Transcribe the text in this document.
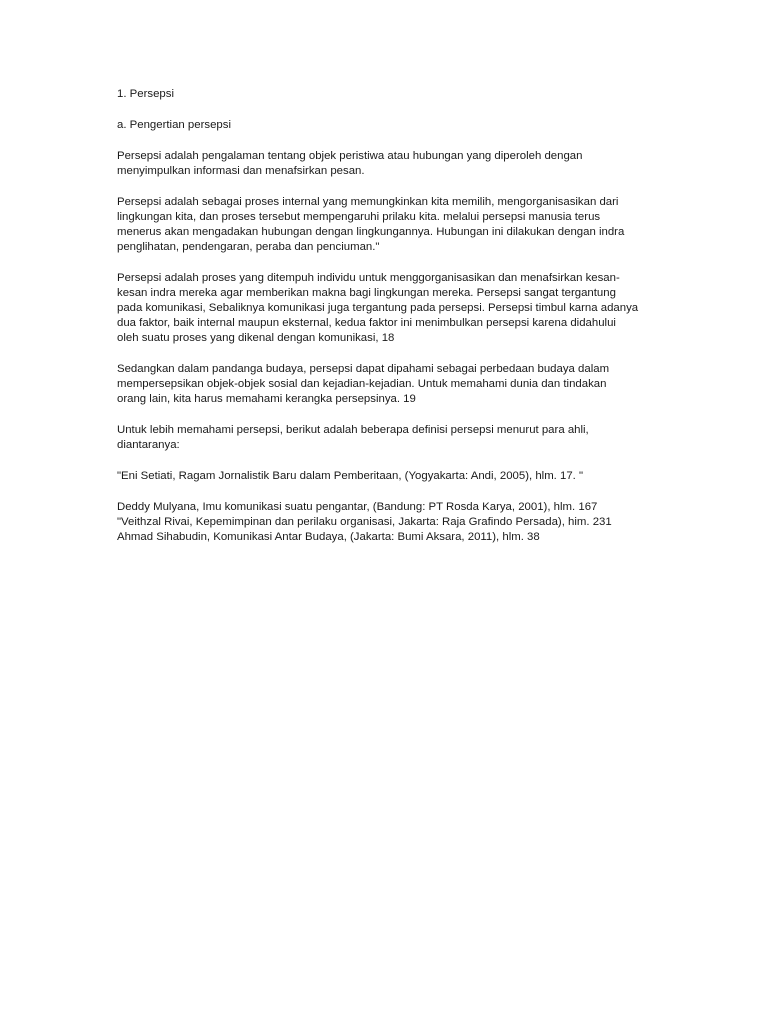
1. Persepsi

a. Pengertian persepsi

Persepsi adalah pengalaman tentang objek peristiwa atau hubungan yang diperoleh dengan
menyimpulkan informasi dan menafsirkan pesan.
Persepsi adalah sebagai proses internal yang memungkinkan kita memilih, mengorganisasikan dari
lingkungan kita, dan proses tersebut mempengaruhi prilaku kita. melalui persepsi manusia terus
menerus akan mengadakan hubungan dengan lingkungannya. Hubungan ini dilakukan dengan indra
penglihatan, pendengaran, peraba dan penciuman."
Persepsi adalah proses yang ditempuh individu untuk menggorganisasikan dan menafsirkan kesan-
kesan indra mereka agar memberikan makna bagi lingkungan mereka. Persepsi sangat tergantung
pada komunikasi, Sebaliknya komunikasi juga tergantung pada persepsi. Persepsi timbul karna adanya
dua faktor, baik internal maupun eksternal, kedua faktor ini menimbulkan persepsi karena didahului
oleh suatu proses yang dikenal dengan komunikasi, 18
Sedangkan dalam pandanga budaya, persepsi dapat dipahami sebagai perbedaan budaya dalam
mempersepsikan objek-objek sosial dan kejadian-kejadian. Untuk memahami dunia dan tindakan
orang lain, kita harus memahami kerangka persepsinya. 19
Untuk lebih memahami persepsi, berikut adalah beberapa definisi persepsi menurut para ahli,
diantaranya:

"Eni Setiati, Ragam Jornalistik Baru dalam Pemberitaan, (Yogyakarta: Andi, 2005), hlm. 17. "

Deddy Mulyana, Imu komunikasi suatu pengantar, (Bandung: PT Rosda Karya, 2001), hlm. 167
"Veithzal Rivai, Kepemimpinan dan perilaku organisasi, Jakarta: Raja Grafindo Persada), him. 231
Ahmad Sihabudin, Komunikasi Antar Budaya, (Jakarta: Bumi Aksara, 2011), hlm. 38
